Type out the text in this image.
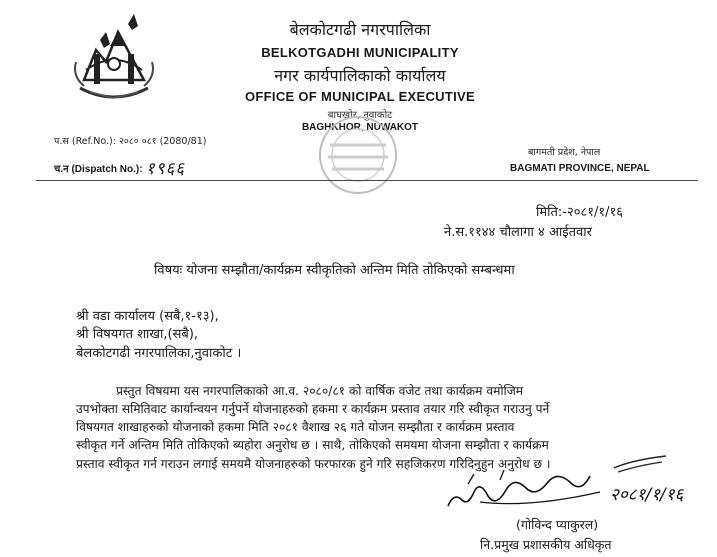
बेलकोटगढी नगरपालिका
BELKOTGADHI MUNICIPALITY
नगर कार्यपालिकाको कार्यालय
OFFICE OF MUNICIPAL EXECUTIVE
बाघखोर, नुवाकोट
BAGHKHOR, NUWAKOT
प.स (Ref.No.): २०८० ०८१ (2080/81)
च.न (Dispatch No.): १९६६
बागमती प्रदेश, नेपाल
BAGMATI PROVINCE, NEPAL
मिति:-२०८१/१/१६
ने.स.११४४ चौलागा ४ आईतवार
विषयः योजना सम्झौता/कार्यक्रम स्वीकृतिको अन्तिम मिति तोकिएको सम्बन्धमा
श्री वडा कार्यालय (सबै,१-१३),
श्री विषयगत शाखा,(सबै),
बेलकोटगढी नगरपालिका,नुवाकोट ।
प्रस्तुत विषयमा यस नगरपालिकाको आ.व. २०८०/८१ को वार्षिक वजेट तथा कार्यक्रम वमोजिम
उपभोक्ता समितिवाट कार्यान्वयन गर्नुपर्ने योजनाहरुको हकमा र कार्यक्रम प्रस्ताव तयार गरि स्वीकृत गराउनु पर्ने
विषयगत शाखाहरुको योजनाको हकमा मिति २०८१ वैशाख २६ गते योजन सम्झौता र कार्यक्रम प्रस्ताव
स्वीकृत गर्ने अन्तिम मिति तोकिएको ब्यहोरा अनुरोध छ । साथै, तोकिएको समयमा योजना सम्झौता र कार्यक्रम
प्रस्ताव स्वीकृत गर्न गराउन लगाई समयमै योजनाहरुको फरफारक हुने गरि सहजिकरण गरिदिनुहुन अनुरोध छ ।
२०८१/१/१६
(गोविन्द प्याकुरल)
नि.प्रमुख प्रशासकीय अधिकृत
